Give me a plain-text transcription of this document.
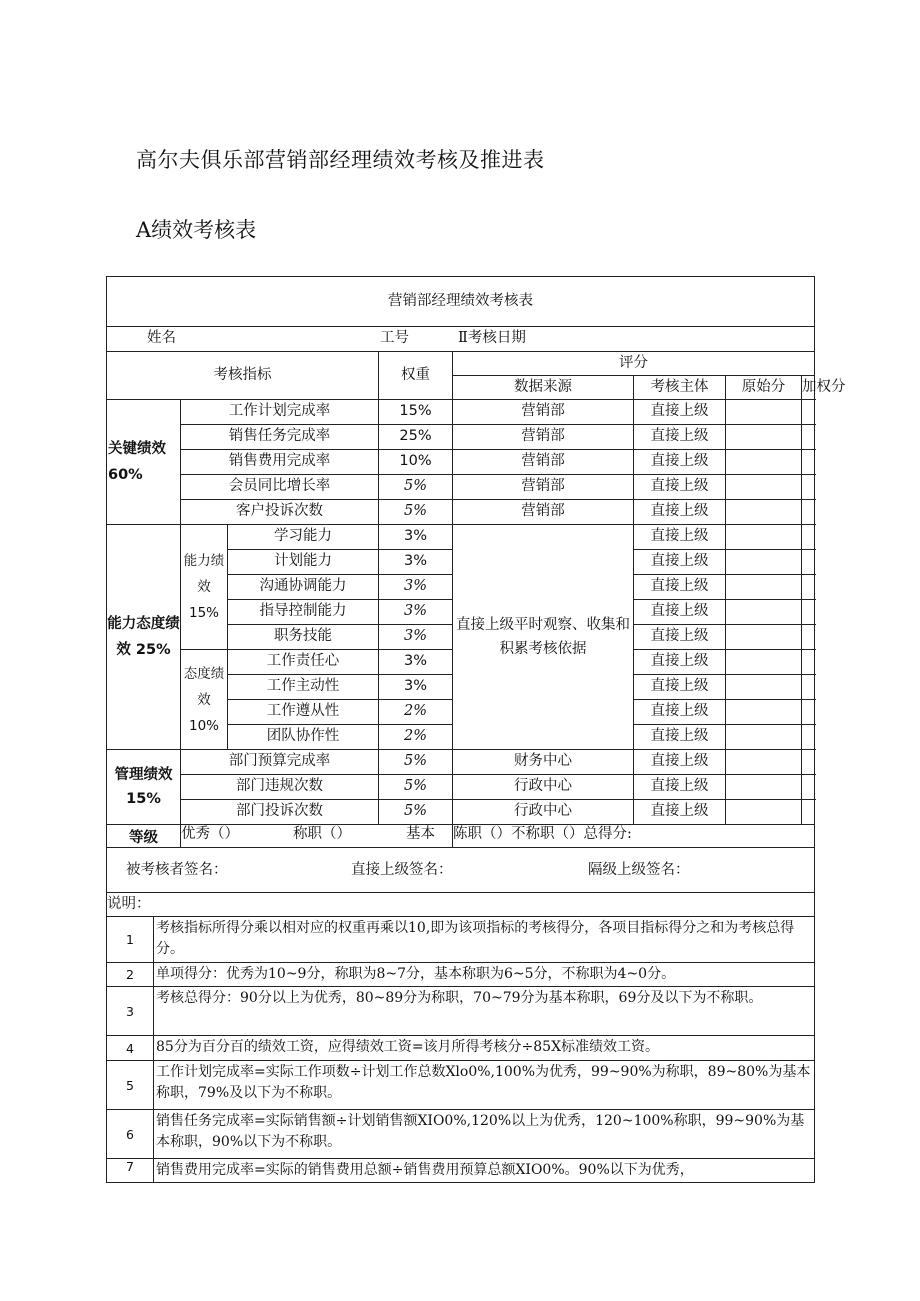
高尔夫俱乐部营销部经理绩效考核及推进表
A绩效考核表
营销部经理绩效考核表								

姓名 工号 Ⅱ考核日期								

考核指标				权重	评分			
					数据来源	考核主体	原始分	加权分
关键绩效 60%		工作计划完成率		15%	营销部	直接上级		
		销售任务完成率		25%	营销部	直接上级		
		销售费用完成率		10%	营销部	直接上级		
		会员同比增长率		5%	营销部	直接上级		
		客户投诉次数		5%	营销部	直接上级		
能力态度绩效 25%		能力绩效 15%	学习能力	3%	直接上级平时观察、收集和积累考核依据	直接上级		
			计划能力	3%		直接上级		
			沟通协调能力	3%		直接上级		
			指导控制能力	3%		直接上级		
			职务技能	3%		直接上级		
		态度绩效 10%	工作责任心	3%		直接上级		
			工作主动性	3%		直接上级		
			工作遵从性	2%		直接上级		
			团队协作性	2%		直接上级		
管理绩效 15%		部门预算完成率		5%	财务中心	直接上级		
		部门违规次数		5%	行政中心	直接上级		
		部门投诉次数		5%	行政中心	直接上级		
等级		优秀（） 称职（） 基本			陈职（）不称职（）总得分:			

被考核者签名： 直接上级签名： 隔级上级签名：								

说明：								
1	考核指标所得分乘以相对应的权重再乘以10,即为该项指标的考核得分，各项目指标得分之和为考核总得分。							
2	单项得分：优秀为10~9分，称职为8~7分，基本称职为6~5分，不称职为4~0分。							
3	考核总得分：90分以上为优秀，80~89分为称职，70~79分为基本称职，69分及以下为不称职。							
4	85分为百分百的绩效工资，应得绩效工资=该月所得考核分÷85X标准绩效工资。							
5	工作计划完成率=实际工作项数÷计划工作总数Xlo0%,100%为优秀，99~90%为称职，89~80%为基本称职，79%及以下为不称职。							
6	销售任务完成率=实际销售额÷计划销售额XIO0%,120%以上为优秀，120~100%称职，99~90%为基本称职，90%以下为不称职。							
7	销售费用完成率=实际的销售费用总额÷销售费用预算总额XIO0%。90%以下为优秀，							
